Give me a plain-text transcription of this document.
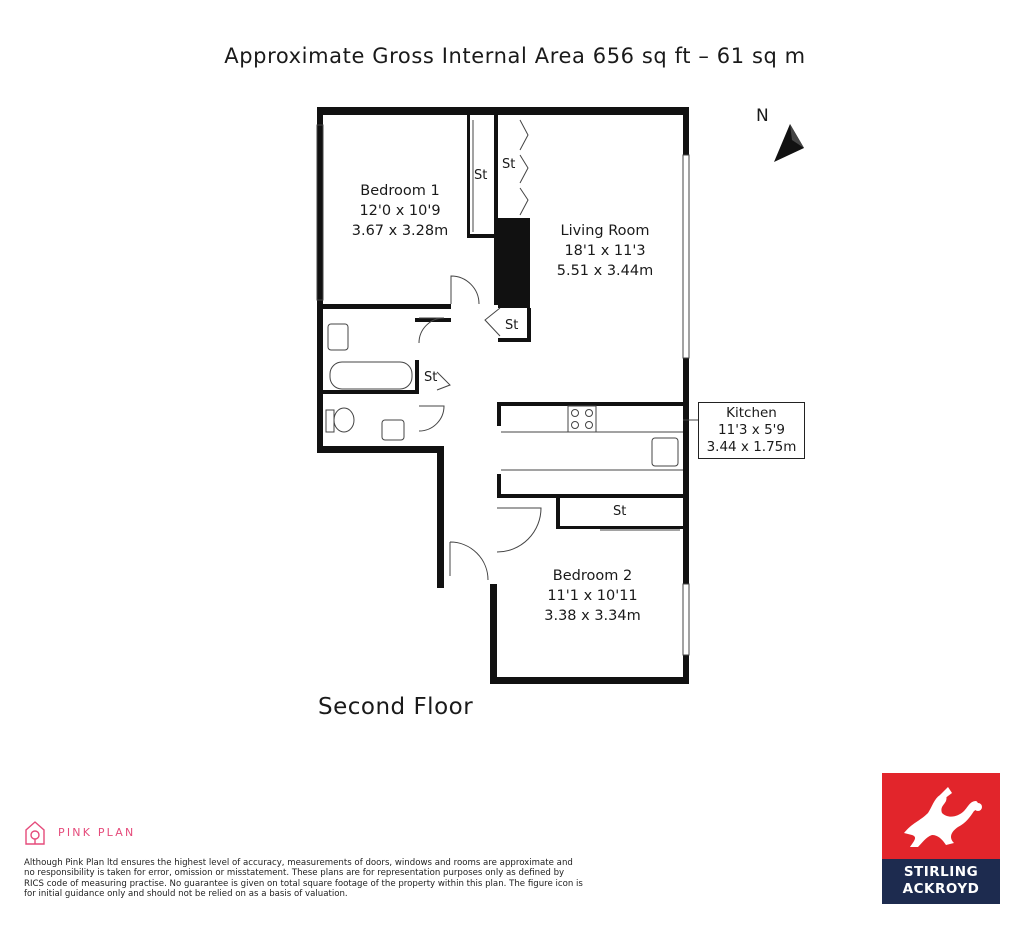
Approximate Gross Internal Area 656 sq ft – 61 sq m
N
Bedroom 1
12'0 x 10'9
3.67 x 3.28m	Living Room
18'1 x 11'3
5.51 x 3.44m
Kitchen
11'3 x 5'9
3.44 x 1.75m
Bedroom 2
11'1 x 10'11
3.38 x 3.34m
St
St
St
St
St
Second Floor
PINK PLAN
Although Pink Plan ltd ensures the highest level of accuracy, measurements of doors, windows and rooms are approximate and no responsibility is taken for error, omission or misstatement. These plans are for representation purposes only as defined by RICS code of measuring practise. No guarantee is given on total square footage of the property within this plan. The figure icon is for initial guidance only and should not be relied on as a basis of valuation.
STIRLING
ACKROYD
